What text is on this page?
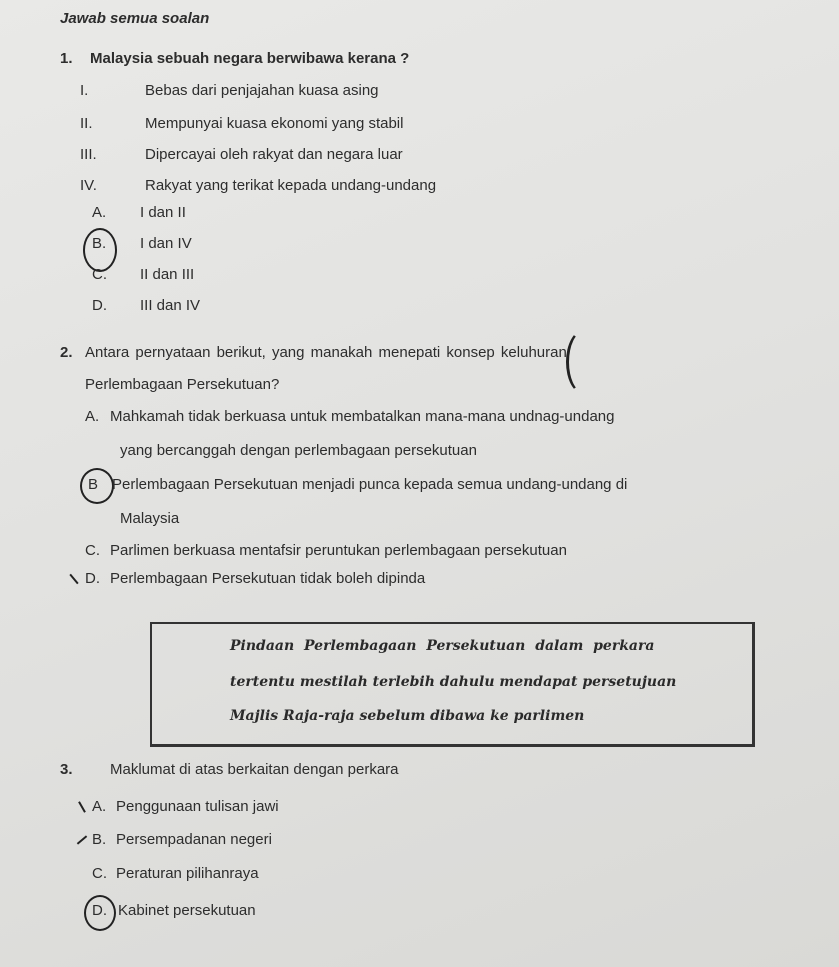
Jawab semua soalan
1. Malaysia sebuah negara berwibawa kerana ?
I.	Bebas dari penjajahan kuasa asing
II.	Mempunyai kuasa ekonomi yang stabil
III.	Dipercayai oleh rakyat dan negara luar
IV.	Rakyat yang terikat kepada undang-undang
A. I dan II
B. I dan IV
C. II dan III
D. III dan IV
2. Antara pernyataan berikut, yang manakah menepati konsep keluhuran
Perlembagaan Persekutuan?
A. Mahkamah tidak berkuasa untuk membatalkan mana-mana undnag-undang
yang bercanggah dengan perlembagaan persekutuan
B Perlembagaan Persekutuan menjadi punca kepada semua undang-undang di
Malaysia
C. Parlimen berkuasa mentafsir peruntukan perlembagaan persekutuan
D. Perlembagaan Persekutuan tidak boleh dipinda
Pindaan Perlembagaan Persekutuan dalam perkara
tertentu mestilah terlebih dahulu mendapat persetujuan
Majlis Raja-raja sebelum dibawa ke parlimen
3. Maklumat di atas berkaitan dengan perkara
A. Penggunaan tulisan jawi
B. Persempadanan negeri
C. Peraturan pilihanraya
D. Kabinet persekutuan
